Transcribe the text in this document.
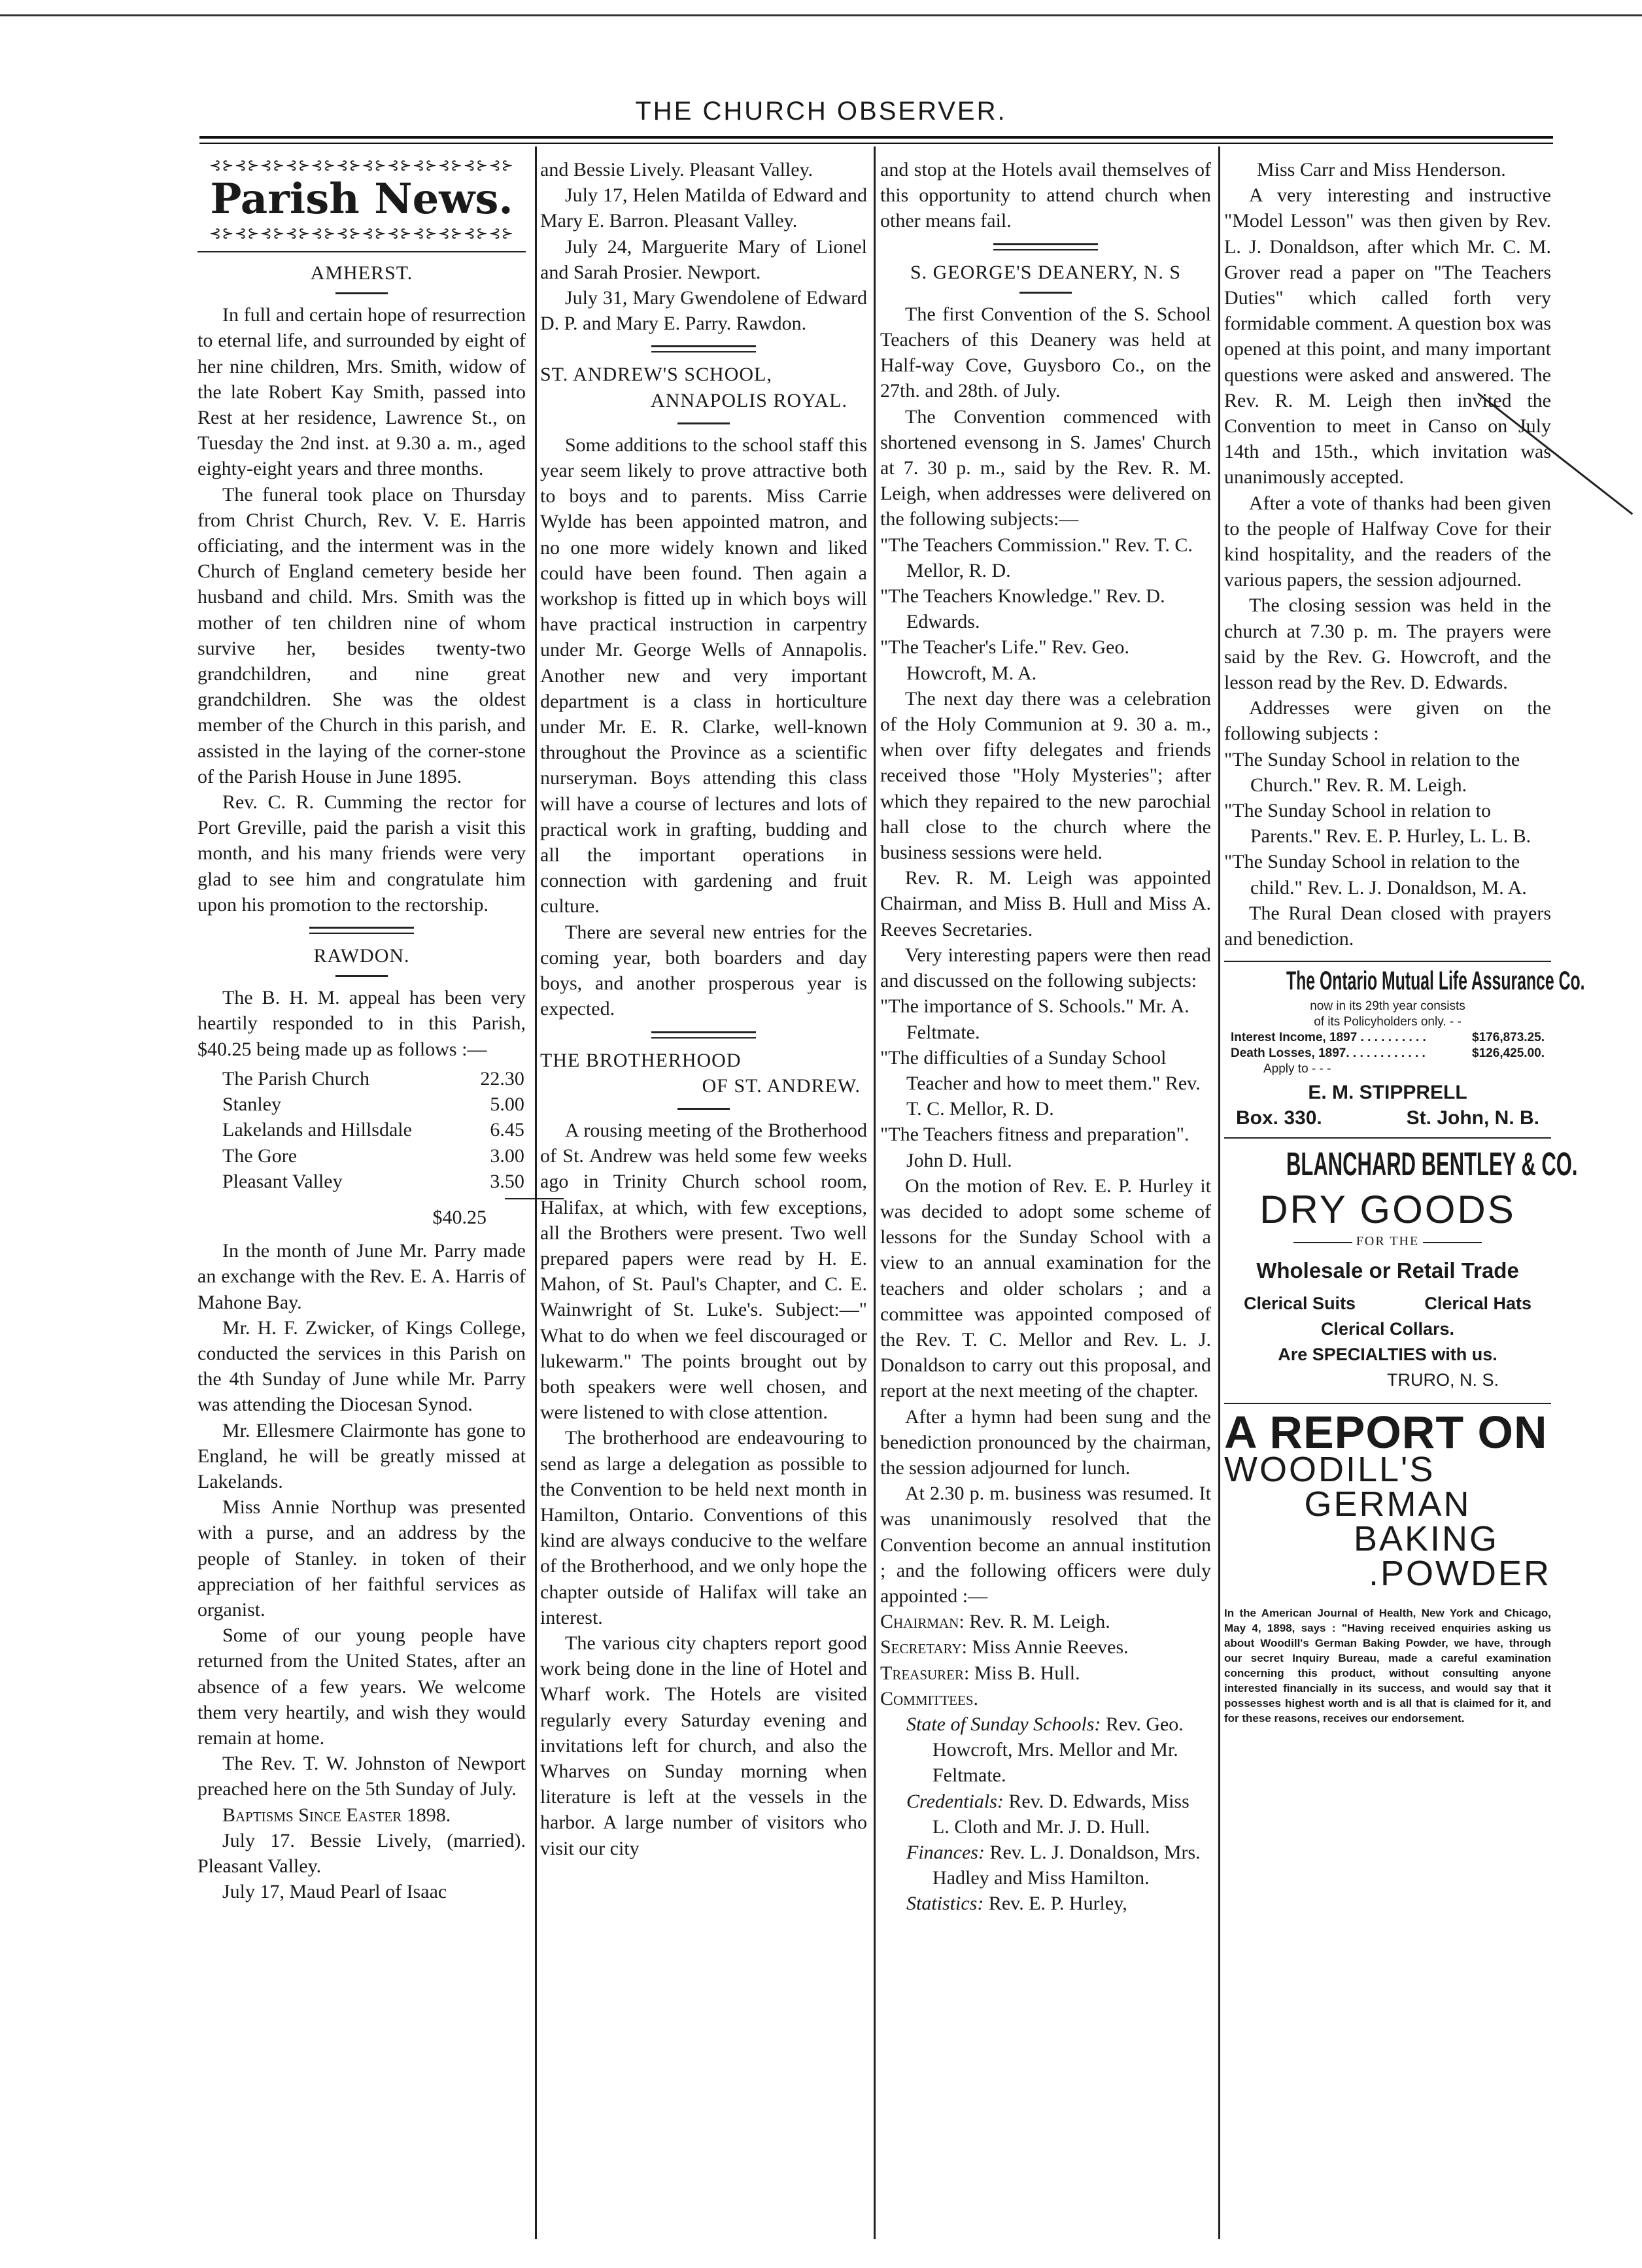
THE CHURCH OBSERVER.
⊰⊱⊰⊱⊰⊱⊰⊱⊰⊱⊰⊱⊰⊱⊰⊱⊰⊱⊰⊱⊰⊱⊰⊱
Parish News.
⊰⊱⊰⊱⊰⊱⊰⊱⊰⊱⊰⊱⊰⊱⊰⊱⊰⊱⊰⊱⊰⊱⊰⊱
AMHERST.

In full and certain hope of resurrection to eternal life, and surrounded by eight of her nine children, Mrs. Smith, widow of the late Robert Kay Smith, passed into Rest at her residence, Lawrence St., on Tuesday the 2nd inst. at 9.30 a. m., aged eighty-eight years and three months.

The funeral took place on Thursday from Christ Church, Rev. V. E. Harris officiating, and the interment was in the Church of England cemetery beside her husband and child. Mrs. Smith was the mother of ten children nine of whom survive her, besides twenty-two grandchildren, and nine great grandchildren. She was the oldest member of the Church in this parish, and assisted in the laying of the corner-stone of the Parish House in June 1895.

Rev. C. R. Cumming the rector for Port Greville, paid the parish a visit this month, and his many friends were very glad to see him and congratulate him upon his promotion to the rectorship.

RAWDON.

The B. H. M. appeal has been very heartily responded to in this Parish, $40.25 being made up as follows :—

The Parish Church	22.30
Stanley	5.00
Lakelands and Hillsdale	6.45
The Gore	3.00
Pleasant Valley	3.50
$40.25

In the month of June Mr. Parry made an exchange with the Rev. E. A. Harris of Mahone Bay.

Mr. H. F. Zwicker, of Kings College, conducted the services in this Parish on the 4th Sunday of June while Mr. Parry was attending the Diocesan Synod.

Mr. Ellesmere Clairmonte has gone to England, he will be greatly missed at Lakelands.

Miss Annie Northup was presented with a purse, and an address by the people of Stanley. in token of their appreciation of her faithful services as organist.

Some of our young people have returned from the United States, after an absence of a few years. We welcome them very heartily, and wish they would remain at home.

The Rev. T. W. Johnston of Newport preached here on the 5th Sunday of July.

Baptisms Since Easter 1898.

July 17. Bessie Lively, (married). Pleasant Valley.

July 17, Maud Pearl of Isaac

and Bessie Lively. Pleasant Valley.

July 17, Helen Matilda of Edward and Mary E. Barron. Pleasant Valley.

July 24, Marguerite Mary of Lionel and Sarah Prosier. Newport.

July 31, Mary Gwendolene of Edward D. P. and Mary E. Parry. Rawdon.

ST. ANDREW'S SCHOOL,
ANNAPOLIS ROYAL.

Some additions to the school staff this year seem likely to prove attractive both to boys and to parents. Miss Carrie Wylde has been appointed matron, and no one more widely known and liked could have been found. Then again a workshop is fitted up in which boys will have practical instruction in carpentry under Mr. George Wells of Annapolis. Another new and very important department is a class in horticulture under Mr. E. R. Clarke, well-known throughout the Province as a scientific nurseryman. Boys attending this class will have a course of lectures and lots of practical work in grafting, budding and all the important operations in connection with gardening and fruit culture.

There are several new entries for the coming year, both boarders and day boys, and another prosperous year is expected.

THE BROTHERHOOD
OF ST. ANDREW.

A rousing meeting of the Brotherhood of St. Andrew was held some few weeks ago in Trinity Church school room, Halifax, at which, with few exceptions, all the Brothers were present. Two well prepared papers were read by H. E. Mahon, of St. Paul's Chapter, and C. E. Wainwright of St. Luke's. Subject:—" What to do when we feel discouraged or lukewarm." The points brought out by both speakers were well chosen, and were listened to with close attention.

The brotherhood are endeavouring to send as large a delegation as possible to the Convention to be held next month in Hamilton, Ontario. Conventions of this kind are always conducive to the welfare of the Brotherhood, and we only hope the chapter outside of Halifax will take an interest.

The various city chapters report good work being done in the line of Hotel and Wharf work. The Hotels are visited regularly every Saturday evening and invitations left for church, and also the Wharves on Sunday morning when literature is left at the vessels in the harbor. A large number of visitors who visit our city

and stop at the Hotels avail themselves of this opportunity to attend church when other means fail.

S. GEORGE'S DEANERY, N. S

The first Convention of the S. School Teachers of this Deanery was held at Half-way Cove, Guysboro Co., on the 27th. and 28th. of July.

The Convention commenced with shortened evensong in S. James' Church at 7. 30 p. m., said by the Rev. R. M. Leigh, when addresses were delivered on the following subjects:—

"The Teachers Commission." Rev. T. C. Mellor, R. D.

"The Teachers Knowledge." Rev. D. Edwards.

"The Teacher's Life." Rev. Geo. Howcroft, M. A.

The next day there was a celebration of the Holy Communion at 9. 30 a. m., when over fifty delegates and friends received those "Holy Mysteries"; after which they repaired to the new parochial hall close to the church where the business sessions were held.

Rev. R. M. Leigh was appointed Chairman, and Miss B. Hull and Miss A. Reeves Secretaries.

Very interesting papers were then read and discussed on the following subjects:

"The importance of S. Schools." Mr. A. Feltmate.

"The difficulties of a Sunday School Teacher and how to meet them." Rev. T. C. Mellor, R. D.

"The Teachers fitness and preparation". John D. Hull.

On the motion of Rev. E. P. Hurley it was decided to adopt some scheme of lessons for the Sunday School with a view to an annual examination for the teachers and older scholars ; and a committee was appointed composed of the Rev. T. C. Mellor and Rev. L. J. Donaldson to carry out this proposal, and report at the next meeting of the chapter.

After a hymn had been sung and the benediction pronounced by the chairman, the session adjourned for lunch.

At 2.30 p. m. business was resumed. It was unanimously resolved that the Convention become an annual institution ; and the following officers were duly appointed :—

Chairman: Rev. R. M. Leigh.

Secretary: Miss Annie Reeves.

Treasurer: Miss B. Hull.

Committees.

State of Sunday Schools: Rev. Geo. Howcroft, Mrs. Mellor and Mr. Feltmate.

Credentials: Rev. D. Edwards, Miss L. Cloth and Mr. J. D. Hull.

Finances: Rev. L. J. Donaldson, Mrs. Hadley and Miss Hamilton.

Statistics: Rev. E. P. Hurley,

Miss Carr and Miss Henderson.

A very interesting and instructive "Model Lesson" was then given by Rev. L. J. Donaldson, after which Mr. C. M. Grover read a paper on "The Teachers Duties" which called forth very formidable comment. A question box was opened at this point, and many important questions were asked and answered. The Rev. R. M. Leigh then invited the Convention to meet in Canso on July 14th and 15th., which invitation was unanimously accepted.

After a vote of thanks had been given to the people of Halfway Cove for their kind hospitality, and the readers of the various papers, the session adjourned.

The closing session was held in the church at 7.30 p. m. The prayers were said by the Rev. G. Howcroft, and the lesson read by the Rev. D. Edwards.

Addresses were given on the following subjects :

"The Sunday School in relation to the Church." Rev. R. M. Leigh.

"The Sunday School in relation to Parents." Rev. E. P. Hurley, L. L. B.

"The Sunday School in relation to the child." Rev. L. J. Donaldson, M. A.

The Rural Dean closed with prayers and benediction.

The Ontario Mutual Life Assurance Co.
now in its 29th year consists
of its Policyholders only. - -
Interest Income, 1897 . . . . . . . . . .	$176,873.25.
Death Losses, 1897. . . . . . . . . . . .	$126,425.00.
Apply to - - -
E. M. STIPPRELL
Box. 330.	St. John, N. B.
BLANCHARD BENTLEY & CO.
DRY GOODS
FOR THE
Wholesale or Retail Trade
Clerical Suits	Clerical Hats
Clerical Collars.
Are SPECIALTIES with us.
TRURO, N. S.
A REPORT ON
WOODILL'S
GERMAN
BAKING
.POWDER
In the American Journal of Health, New York and Chicago, May 4, 1898, says : "Having received enquiries asking us about Woodill's German Baking Powder, we have, through our secret Inquiry Bureau, made a careful examination concerning this product, without consulting anyone interested financially in its success, and would say that it possesses highest worth and is all that is claimed for it, and for these reasons, receives our endorsement.
